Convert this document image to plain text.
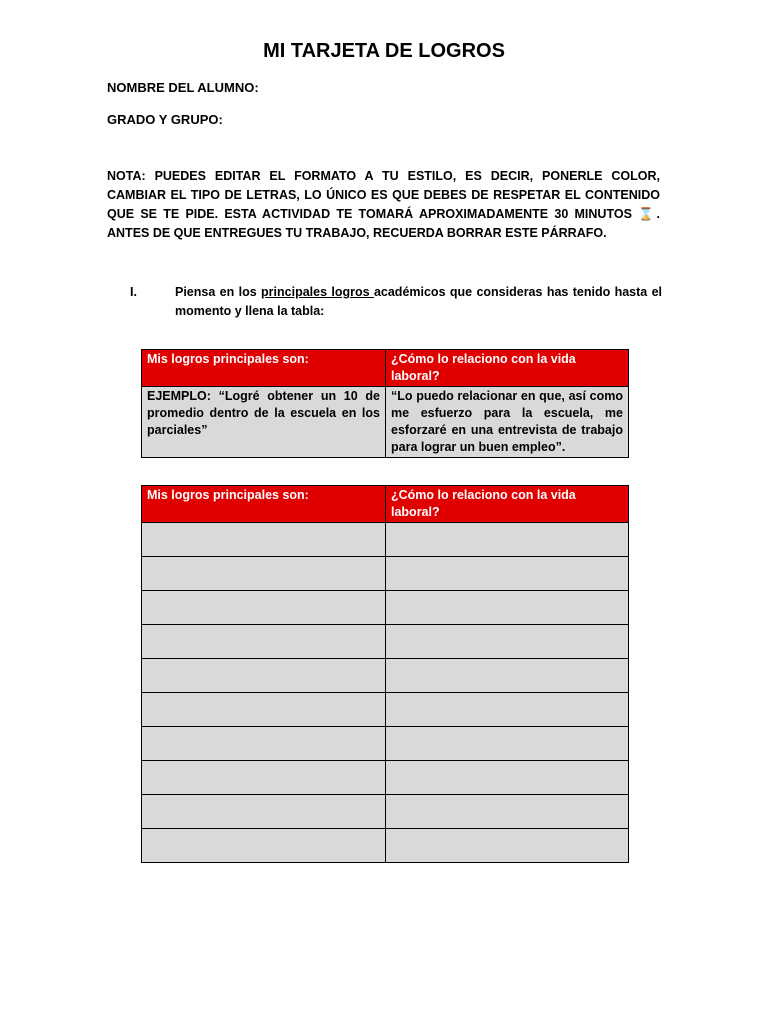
MI TARJETA DE LOGROS
NOMBRE DEL ALUMNO:
GRADO Y GRUPO:
NOTA: PUEDES EDITAR EL FORMATO A TU ESTILO, ES DECIR, PONERLE COLOR, CAMBIAR EL TIPO DE LETRAS, LO ÚNICO ES QUE DEBES DE RESPETAR EL CONTENIDO QUE SE TE PIDE. ESTA ACTIVIDAD TE TOMARÁ APROXIMADAMENTE 30 MINUTOS ⌛. ANTES DE QUE ENTREGUES TU TRABAJO, RECUERDA BORRAR ESTE PÁRRAFO.
I.	Piensa en los principales logros académicos que consideras has tenido hasta el momento y llena la tabla:
Mis logros principales son:	¿Cómo lo relaciono con la vida laboral?
EJEMPLO: “Logré obtener un 10 de promedio dentro de la escuela en los parciales”	“Lo puedo relacionar en que, así como me esfuerzo para la escuela, me esforzaré en una entrevista de trabajo para lograr un buen empleo”.
Mis logros principales son:	¿Cómo lo relaciono con la vida laboral?
